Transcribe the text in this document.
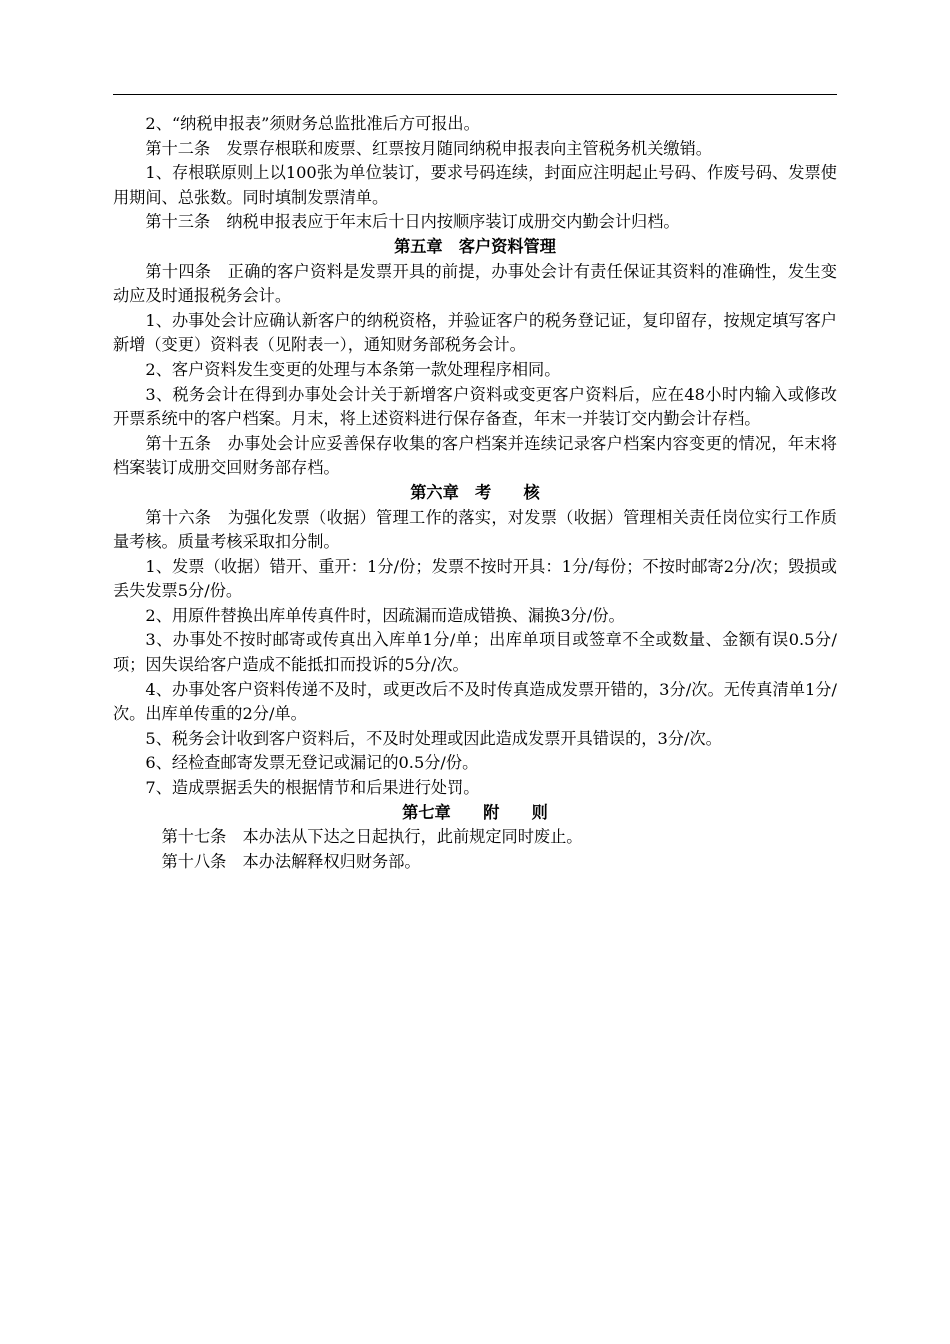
2、“纳税申报表”须财务总监批准后方可报出。

第十二条　发票存根联和废票、红票按月随同纳税申报表向主管税务机关缴销。

1、存根联原则上以100张为单位装订，要求号码连续，封面应注明起止号码、作废号码、发票使用期间、总张数。同时填制发票清单。

第十三条　纳税申报表应于年末后十日内按顺序装订成册交内勤会计归档。

第五章　客户资料管理

第十四条　正确的客户资料是发票开具的前提，办事处会计有责任保证其资料的准确性，发生变动应及时通报税务会计。

1、办事处会计应确认新客户的纳税资格，并验证客户的税务登记证，复印留存，按规定填写客户新增（变更）资料表（见附表一），通知财务部税务会计。

2、客户资料发生变更的处理与本条第一款处理程序相同。

3、税务会计在得到办事处会计关于新增客户资料或变更客户资料后，应在48小时内输入或修改开票系统中的客户档案。月末，将上述资料进行保存备查，年末一并装订交内勤会计存档。

第十五条　办事处会计应妥善保存收集的客户档案并连续记录客户档案内容变更的情况，年末将档案装订成册交回财务部存档。

第六章　考　　核

第十六条　为强化发票（收据）管理工作的落实，对发票（收据）管理相关责任岗位实行工作质量考核。质量考核采取扣分制。

1、发票（收据）错开、重开：1分/份；发票不按时开具：1分/每份；不按时邮寄2分/次；毁损或丢失发票5分/份。

2、用原件替换出库单传真件时，因疏漏而造成错换、漏换3分/份。

3、办事处不按时邮寄或传真出入库单1分/单；出库单项目或签章不全或数量、金额有误0.5分/项；因失误给客户造成不能抵扣而投诉的5分/次。

4、办事处客户资料传递不及时，或更改后不及时传真造成发票开错的，3分/次。无传真清单1分/次。出库单传重的2分/单。

5、税务会计收到客户资料后，不及时处理或因此造成发票开具错误的，3分/次。

6、经检查邮寄发票无登记或漏记的0.5分/份。

7、造成票据丢失的根据情节和后果进行处罚。

第七章　　附　　则

第十七条　本办法从下达之日起执行，此前规定同时废止。

第十八条　本办法解释权归财务部。
